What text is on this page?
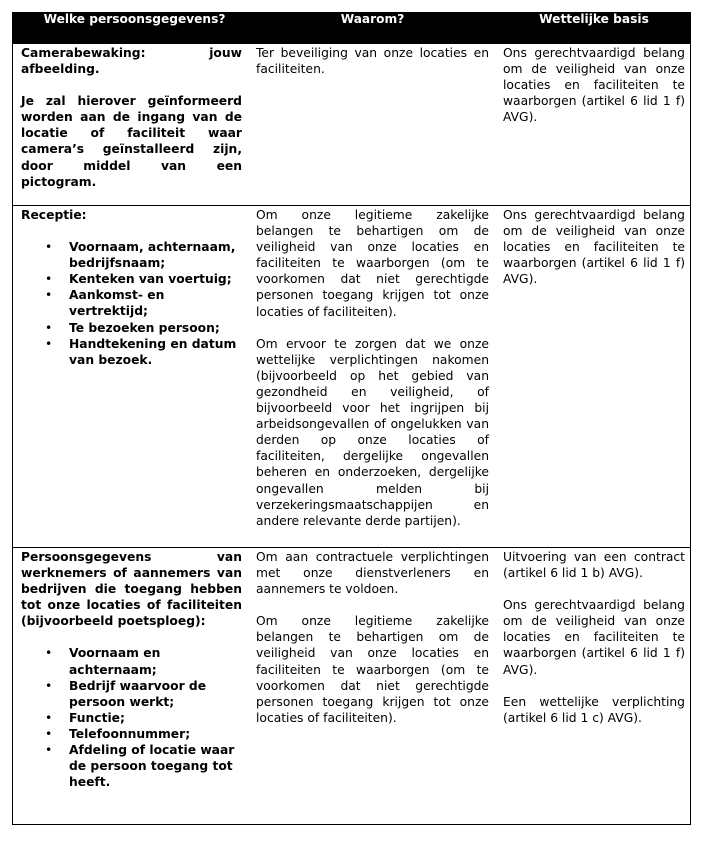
Welke persoonsgegevens?	Waarom?	Wettelijke basis

Camerabewaking: jouw afbeelding.

Je zal hierover geïnformeerd worden aan de ingang van de locatie of faciliteit waar camera’s geïnstalleerd zijn, door middel van een pictogram.

Ter beveiliging van onze locaties en faciliteiten.

Ons gerechtvaardigd belang om de veiligheid van onze locaties en faciliteiten te waarborgen (artikel 6 lid 1 f) AVG).

Receptie:

• Voornaam, achternaam, bedrijfsnaam;
• Kenteken van voertuig;
• Aankomst- en vertrektijd;
• Te bezoeken persoon;
• Handtekening en datum van bezoek.

Om onze legitieme zakelijke belangen te behartigen om de veiligheid van onze locaties en faciliteiten te waarborgen (om te voorkomen dat niet gerechtigde personen toegang krijgen tot onze locaties of faciliteiten).

Om ervoor te zorgen dat we onze wettelijke verplichtingen nakomen (bijvoorbeeld op het gebied van gezondheid en veiligheid, of bijvoorbeeld voor het ingrijpen bij arbeidsongevallen of ongelukken van derden op onze locaties of faciliteiten, dergelijke ongevallen beheren en onderzoeken, dergelijke ongevallen melden bij verzekeringsmaatschappijen en andere relevante derde partijen).

Ons gerechtvaardigd belang om de veiligheid van onze locaties en faciliteiten te waarborgen (artikel 6 lid 1 f) AVG).

Persoonsgegevens van werknemers of aannemers van bedrijven die toegang hebben tot onze locaties of faciliteiten (bijvoorbeeld poetsploeg):

• Voornaam en achternaam;
• Bedrijf waarvoor de persoon werkt;
• Functie;
• Telefoonnummer;
• Afdeling of locatie waar de persoon toegang tot heeft.

Om aan contractuele verplichtingen met onze dienstverleners en aannemers te voldoen.

Om onze legitieme zakelijke belangen te behartigen om de veiligheid van onze locaties en faciliteiten te waarborgen (om te voorkomen dat niet gerechtigde personen toegang krijgen tot onze locaties of faciliteiten).

Uitvoering van een contract (artikel 6 lid 1 b) AVG).

Ons gerechtvaardigd belang om de veiligheid van onze locaties en faciliteiten te waarborgen (artikel 6 lid 1 f) AVG).

Een wettelijke verplichting (artikel 6 lid 1 c) AVG).
